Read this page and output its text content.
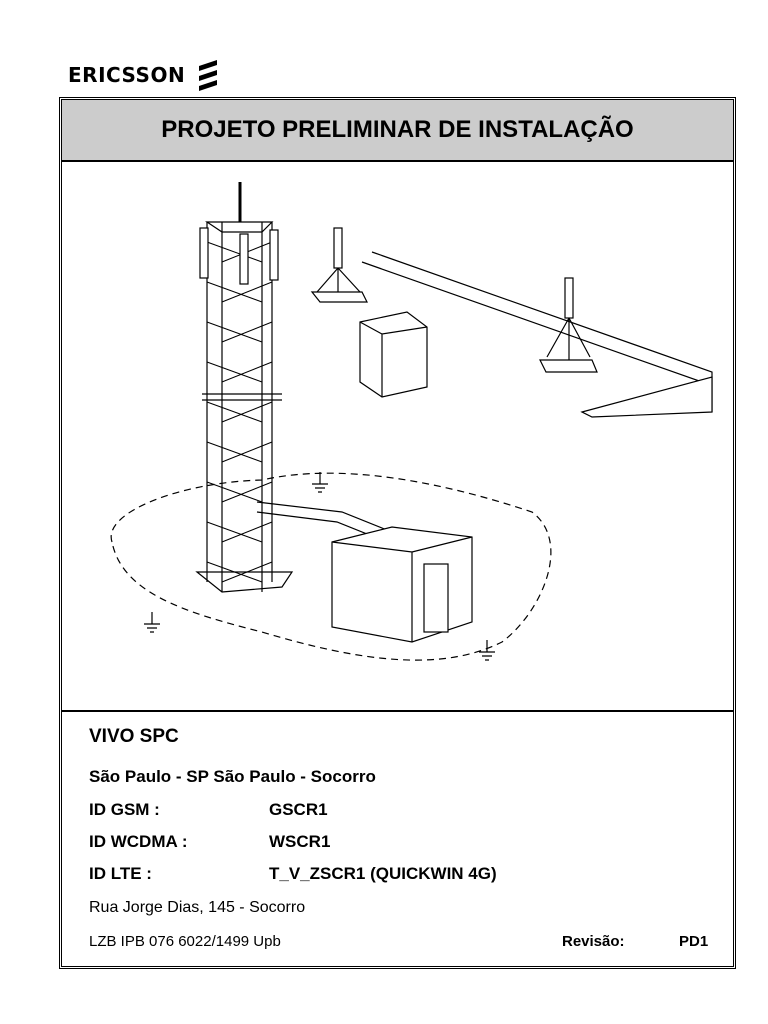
ERICSSON
PROJETO PRELIMINAR DE INSTALAÇÃO
VIVO SPC
São Paulo - SP São Paulo - Socorro
ID GSM :	GSCR1
ID WCDMA :	WSCR1
ID LTE :	T_V_ZSCR1 (QUICKWIN 4G)
Rua Jorge Dias, 145 - Socorro
LZB IPB 076 6022/1499 Upb	Revisão:	PD1
